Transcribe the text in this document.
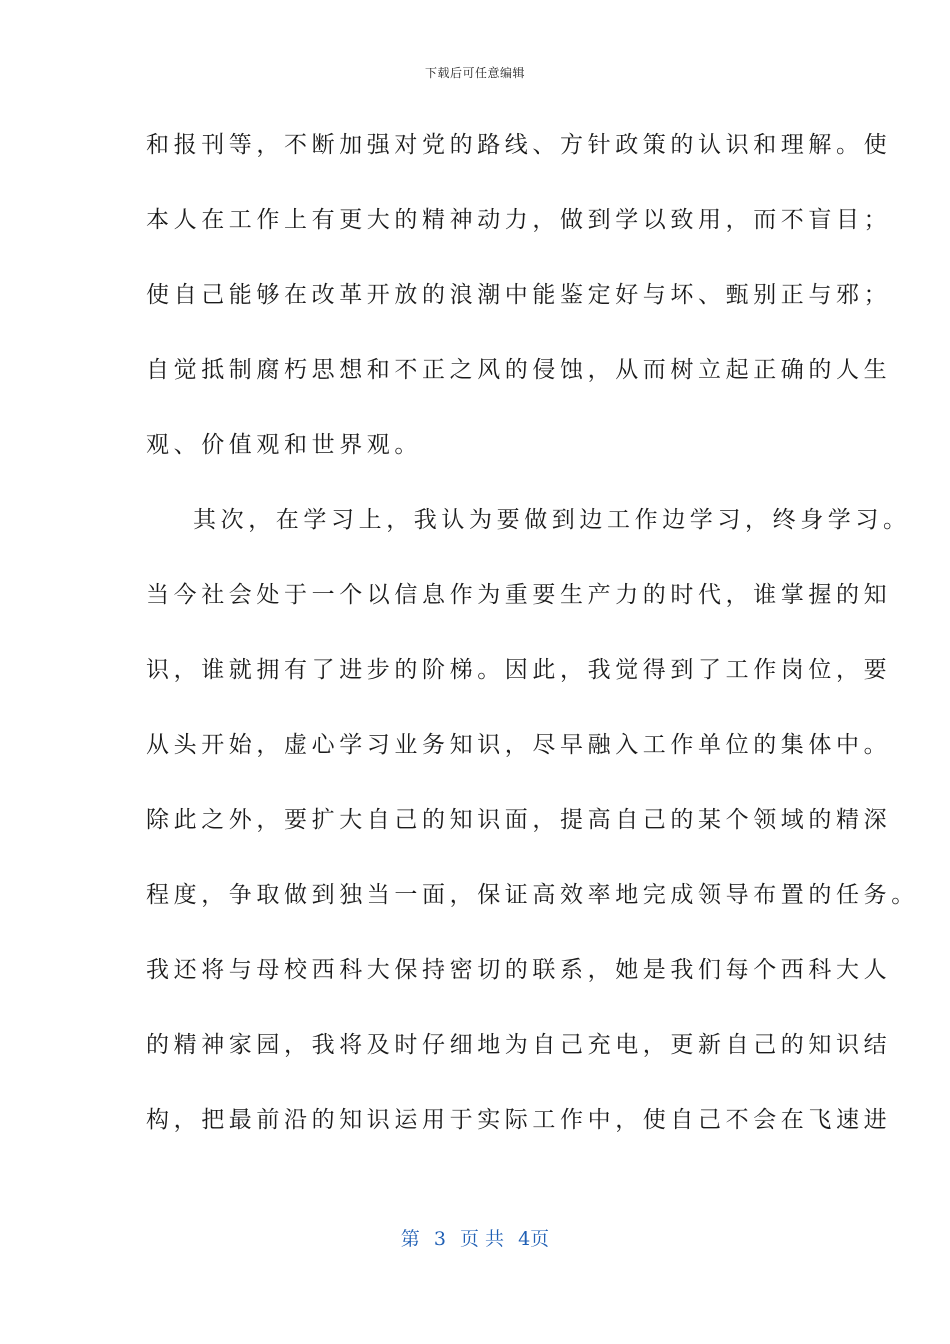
下载后可任意编辑
和报刊等，不断加强对党的路线、方针政策的认识和理解。使
本人在工作上有更大的精神动力，做到学以致用，而不盲目；
使自己能够在改革开放的浪潮中能鉴定好与坏、甄别正与邪；
自觉抵制腐朽思想和不正之风的侵蚀，从而树立起正确的人生
观、价值观和世界观。
其次，在学习上，我认为要做到边工作边学习，终身学习。
当今社会处于一个以信息作为重要生产力的时代，谁掌握的知
识，谁就拥有了进步的阶梯。因此，我觉得到了工作岗位，要
从头开始，虚心学习业务知识，尽早融入工作单位的集体中。
除此之外，要扩大自己的知识面，提高自己的某个领域的精深
程度，争取做到独当一面，保证高效率地完成领导布置的任务。
我还将与母校西科大保持密切的联系，她是我们每个西科大人
的精神家园，我将及时仔细地为自己充电，更新自己的知识结
构，把最前沿的知识运用于实际工作中，使自己不会在飞速进
第 3 页 共 4页
